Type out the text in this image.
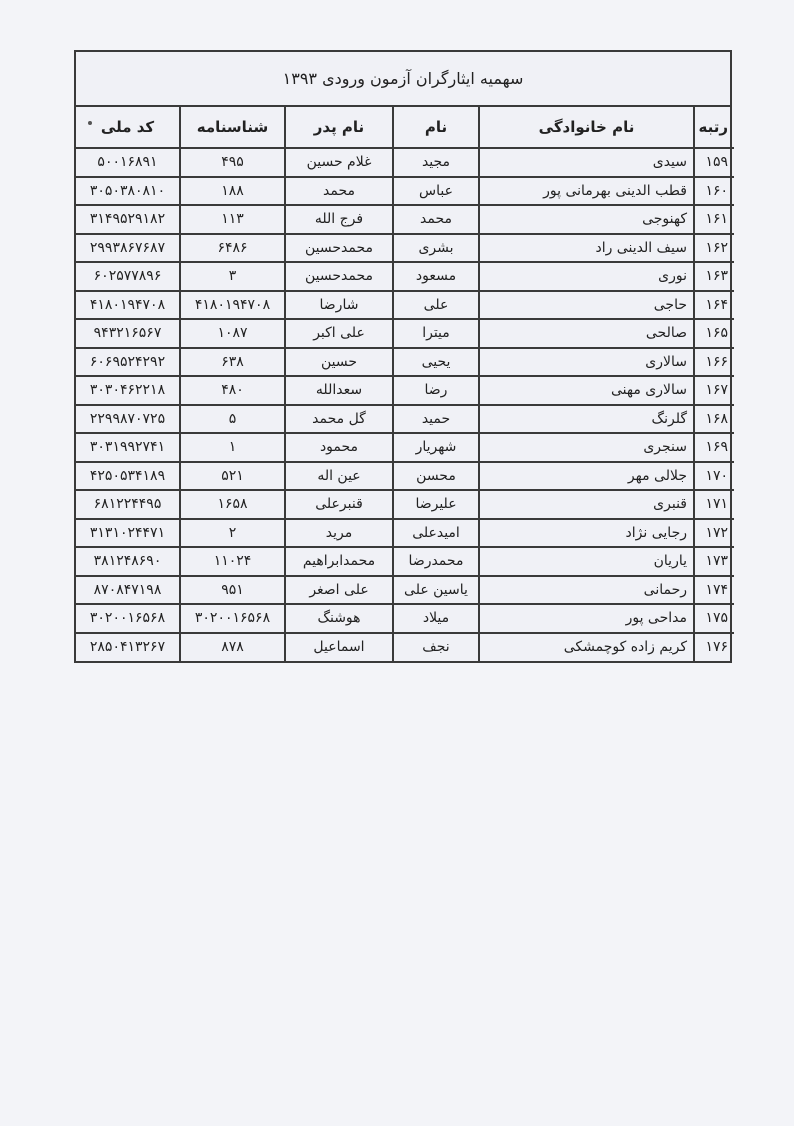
سهمیه ایثارگران آزمون ورودی ۱۳۹۳
رتبه	نام خانوادگی	نام	نام پدر	شناسنامه	کد ملی

۱۵۹	سیدی	مجید	غلام حسین	۴۹۵	۵۰۰۱۶۸۹۱
۱۶۰	قطب الدینی بهرمانی پور	عباس	محمد	۱۸۸	۳۰۵۰۳۸۰۸۱۰
۱۶۱	کهنوجی	محمد	فرج الله	۱۱۳	۳۱۴۹۵۲۹۱۸۲
۱۶۲	سیف الدینی راد	بشری	محمدحسین	۶۴۸۶	۲۹۹۳۸۶۷۶۸۷
۱۶۳	نوری	مسعود	محمدحسین	۳	۶۰۲۵۷۷۸۹۶
۱۶۴	حاجی	علی	شارضا	۴۱۸۰۱۹۴۷۰۸	۴۱۸۰۱۹۴۷۰۸
۱۶۵	صالحی	میترا	علی اکبر	۱۰۸۷	۹۴۳۲۱۶۵۶۷
۱۶۶	سالاری	یحیی	حسین	۶۳۸	۶۰۶۹۵۲۴۲۹۲
۱۶۷	سالاری مهنی	رضا	سعدالله	۴۸۰	۳۰۳۰۴۶۲۲۱۸
۱۶۸	گلرنگ	حمید	گل محمد	۵	۲۲۹۹۸۷۰۷۲۵
۱۶۹	سنجری	شهریار	محمود	۱	۳۰۳۱۹۹۲۷۴۱
۱۷۰	جلالی مهر	محسن	عین اله	۵۲۱	۴۲۵۰۵۳۴۱۸۹
۱۷۱	قنبری	علیرضا	قنبرعلی	۱۶۵۸	۶۸۱۲۲۴۴۹۵
۱۷۲	رجایی نژاد	امیدعلی	مرید	۲	۳۱۳۱۰۲۴۴۷۱
۱۷۳	یاریان	محمدرضا	محمدابراهیم	۱۱۰۲۴	۳۸۱۲۴۸۶۹۰
۱۷۴	رحمانی	یاسین علی	علی اصغر	۹۵۱	۸۷۰۸۴۷۱۹۸
۱۷۵	مداحی پور	میلاد	هوشنگ	۳۰۲۰۰۱۶۵۶۸	۳۰۲۰۰۱۶۵۶۸
۱۷۶	کریم زاده کوچمشکی	نجف	اسماعیل	۸۷۸	۲۸۵۰۴۱۳۲۶۷
